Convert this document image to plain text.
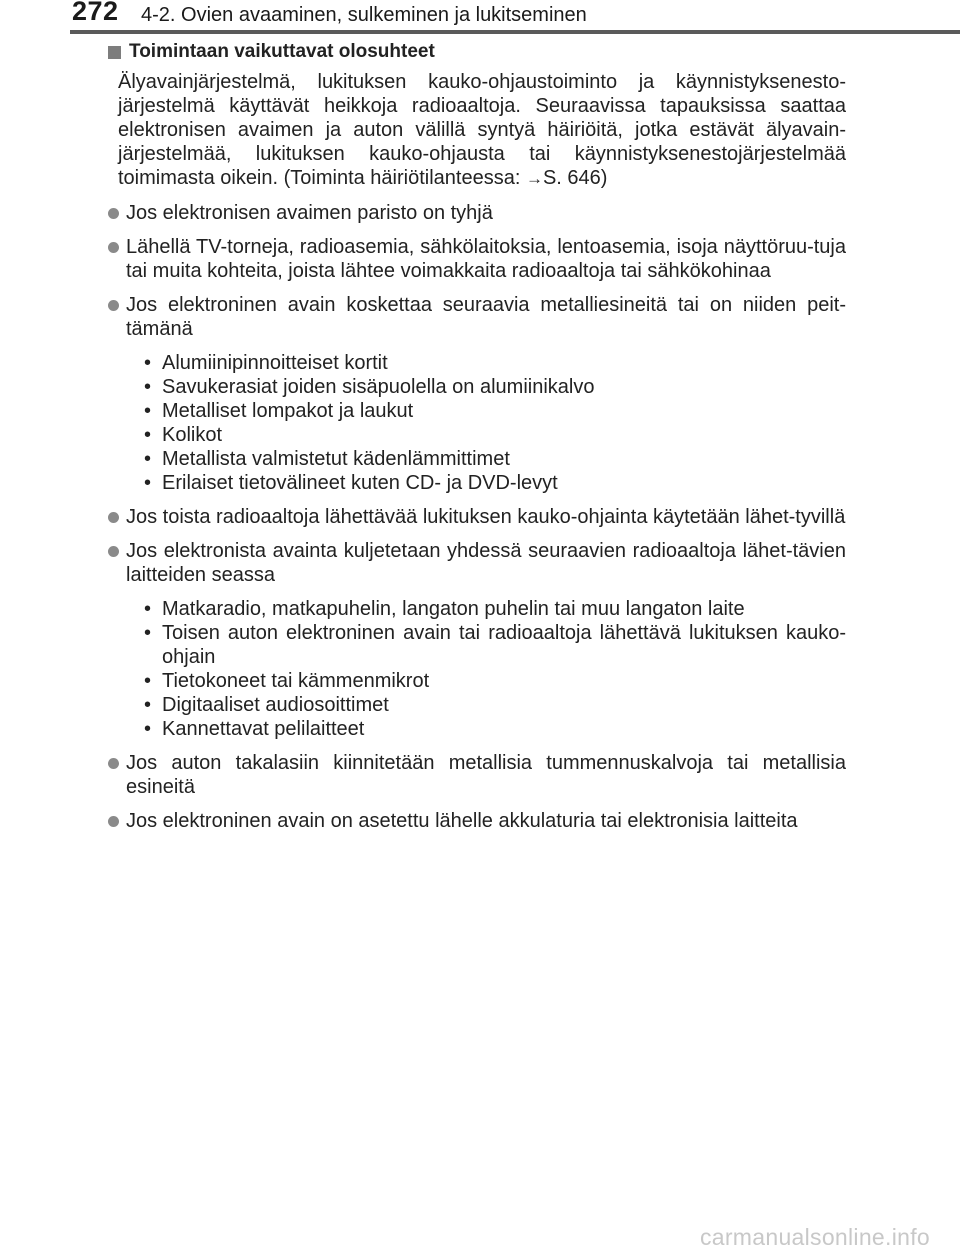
272 4-2. Ovien avaaminen, sulkeminen ja lukitseminen
Toimintaan vaikuttavat olosuhteet
Älyavainjärjestelmä, lukituksen kauko-ohjaustoiminto ja käynnistyksenesto-järjestelmä käyttävät heikkoja radioaaltoja. Seuraavissa tapauksissa saattaa elektronisen avaimen ja auton välillä syntyä häiriöitä, jotka estävät älyavain-järjestelmää, lukituksen kauko-ohjausta tai käynnistyksenestojärjestelmää toimimasta oikein. (Toiminta häiriötilanteessa: →S. 646)
Jos elektronisen avaimen paristo on tyhjä
Lähellä TV-torneja, radioasemia, sähkölaitoksia, lentoasemia, isoja näyttöruu-tuja tai muita kohteita, joista lähtee voimakkaita radioaaltoja tai sähkökohinaa
Jos elektroninen avain koskettaa seuraavia metalliesineitä tai on niiden peit-tämänä
• Alumiinipinnoitteiset kortit
• Savukerasiat joiden sisäpuolella on alumiinikalvo
• Metalliset lompakot ja laukut
• Kolikot
• Metallista valmistetut kädenlämmittimet
• Erilaiset tietovälineet kuten CD- ja DVD-levyt
Jos toista radioaaltoja lähettävää lukituksen kauko-ohjainta käytetään lähet-tyvillä
Jos elektronista avainta kuljetetaan yhdessä seuraavien radioaaltoja lähet-tävien laitteiden seassa
• Matkaradio, matkapuhelin, langaton puhelin tai muu langaton laite
• Toisen auton elektroninen avain tai radioaaltoja lähettävä lukituksen kauko-ohjain
• Tietokoneet tai kämmenmikrot
• Digitaaliset audiosoittimet
• Kannettavat pelilaitteet
Jos auton takalasiin kiinnitetään metallisia tummennuskalvoja tai metallisia esineitä
Jos elektroninen avain on asetettu lähelle akkulaturia tai elektronisia laitteita
carmanualsonline.info
